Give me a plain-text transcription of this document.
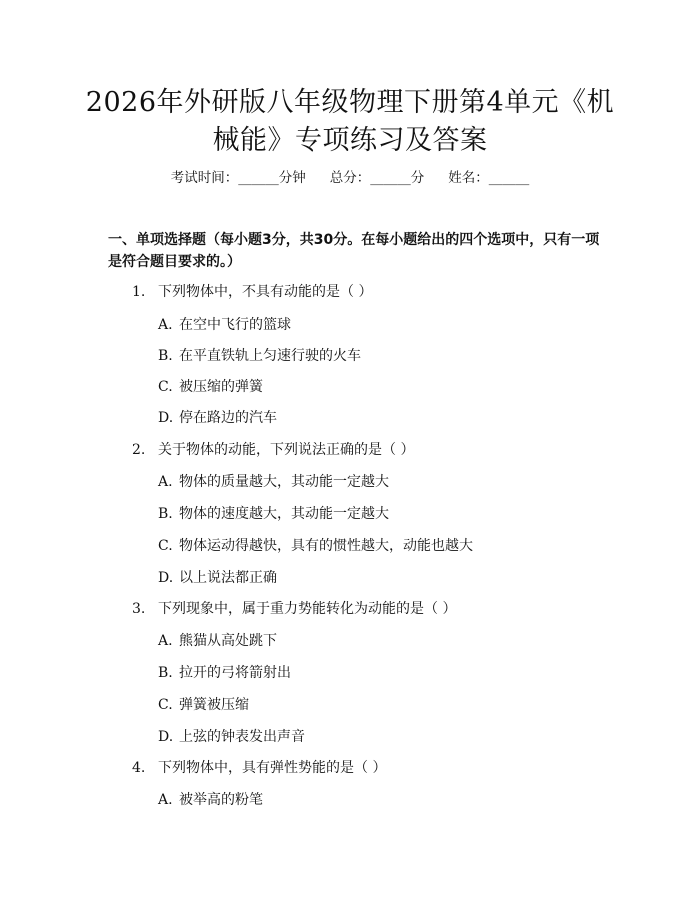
2026年外研版八年级物理下册第4单元《机
械能》专项练习及答案
考试时间：______分钟 总分：______分 姓名：______
一、单项选择题（每小题3分，共30分。在每小题给出的四个选项中，只有一项
是符合题目要求的。）
1. 下列物体中，不具有动能的是（ ）
A. 在空中飞行的篮球
B. 在平直铁轨上匀速行驶的火车
C. 被压缩的弹簧
D. 停在路边的汽车
2. 关于物体的动能，下列说法正确的是（ ）
A. 物体的质量越大，其动能一定越大
B. 物体的速度越大，其动能一定越大
C. 物体运动得越快，具有的惯性越大，动能也越大
D. 以上说法都正确
3. 下列现象中，属于重力势能转化为动能的是（ ）
A. 熊猫从高处跳下
B. 拉开的弓将箭射出
C. 弹簧被压缩
D. 上弦的钟表发出声音
4. 下列物体中，具有弹性势能的是（ ）
A. 被举高的粉笔
